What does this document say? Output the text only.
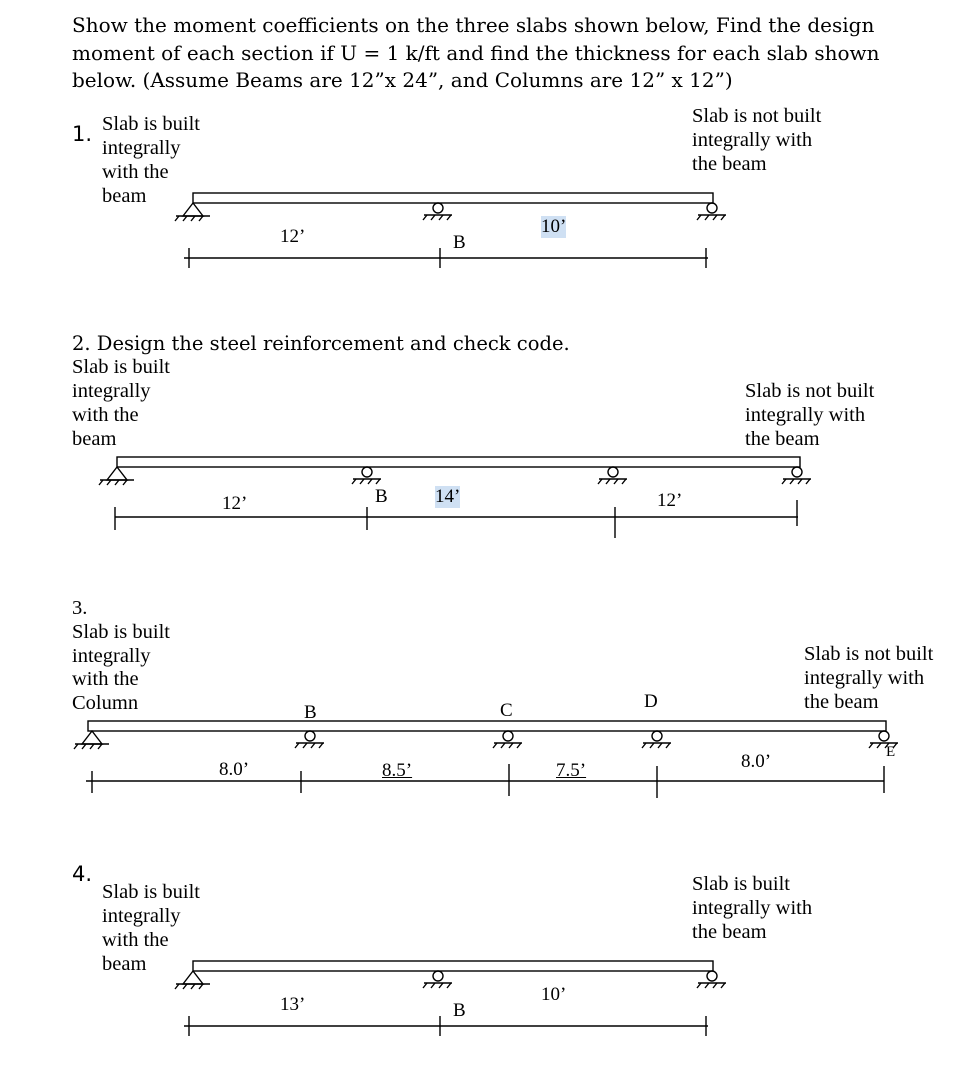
Show the moment coefficients on the three slabs shown below, Find the design
moment of each section if U = 1 k/ft and find the thickness for each slab shown
below. (Assume Beams are 12”x 24”, and Columns are 12” x 12”)
1. Slab is built
integrally
with the
beam
Slab is not built
integrally with
the beam
12’	10’
B
2. Design the steel reinforcement and check code.
Slab is built
integrally
with the
beam
Slab is not built
integrally with
the beam
12’	14’	12’
B
3.
Slab is built
integrally
with the
Column
Slab is not built
integrally with
the beam
B	C	D
E
8.0’	8.5’	7.5’	8.0’
4.
Slab is built
integrally
with the
beam
Slab is built
integrally with
the beam
13’	10’
B
